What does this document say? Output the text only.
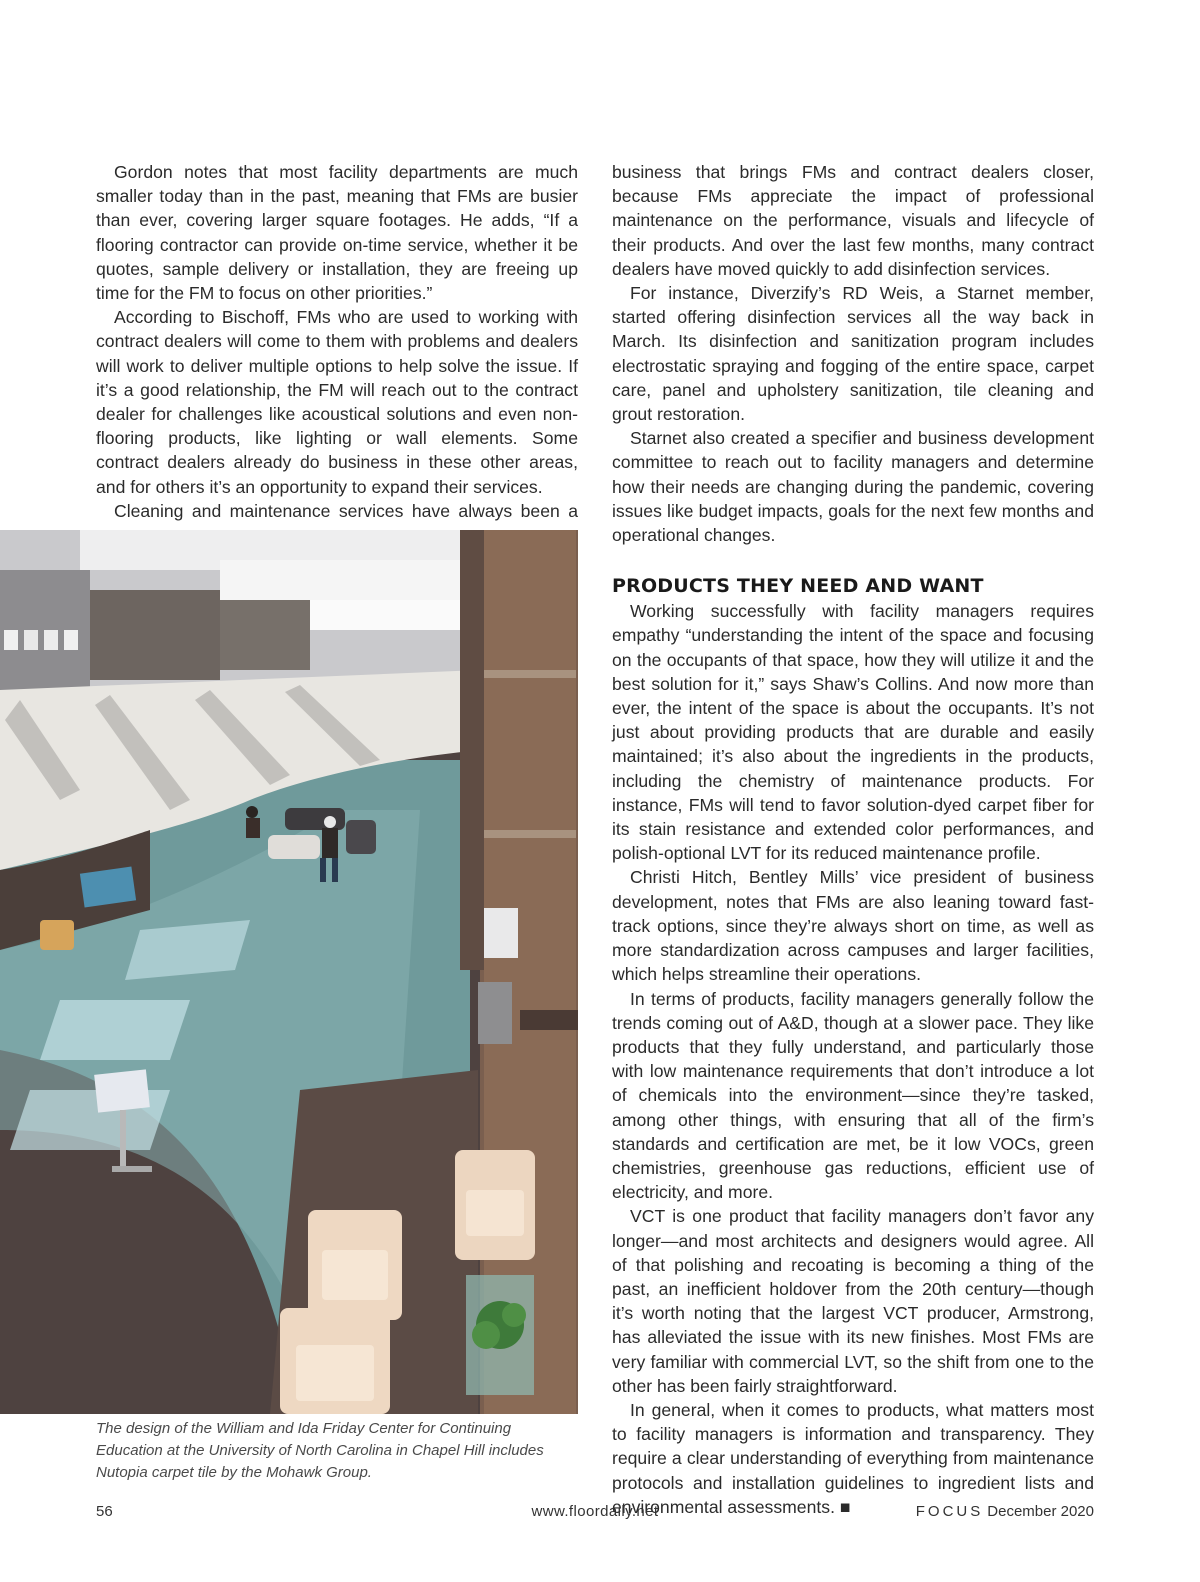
Gordon notes that most facility departments are much smaller today than in the past, meaning that FMs are busier than ever, covering larger square footages. He adds, “If a flooring contractor can provide on-time service, whether it be quotes, sample delivery or installation, they are freeing up time for the FM to focus on other priorities.”

According to Bischoff, FMs who are used to working with contract dealers will come to them with problems and dealers will work to deliver multiple options to help solve the issue. If it’s a good relationship, the FM will reach out to the contract dealer for challenges like acoustical solutions and even non-flooring products, like lighting or wall elements. Some contract dealers already do business in these other areas, and for others it’s an opportunity to expand their services.

Cleaning and maintenance services have always been a

business that brings FMs and contract dealers closer, because FMs appreciate the impact of professional maintenance on the performance, visuals and lifecycle of their products. And over the last few months, many contract dealers have moved quickly to add disinfection services.

For instance, Diverzify’s RD Weis, a Starnet member, started offering disinfection services all the way back in March. Its disinfection and sanitization program includes electrostatic spraying and fogging of the entire space, carpet care, panel and upholstery sanitization, tile cleaning and grout restoration.

Starnet also created a specifier and business development committee to reach out to facility managers and determine how their needs are changing during the pandemic, covering issues like budget impacts, goals for the next few months and operational changes.

PRODUCTS THEY NEED AND WANT

Working successfully with facility managers requires empathy “understanding the intent of the space and focusing on the occupants of that space, how they will utilize it and the best solution for it,” says Shaw’s Collins. And now more than ever, the intent of the space is about the occupants. It’s not just about providing products that are durable and easily maintained; it’s also about the ingredients in the products, including the chemistry of maintenance products. For instance, FMs will tend to favor solution-dyed carpet fiber for its stain resistance and extended color performances, and polish-optional LVT for its reduced maintenance profile.

Christi Hitch, Bentley Mills’ vice president of business development, notes that FMs are also leaning toward fast-track options, since they’re always short on time, as well as more standardization across campuses and larger facilities, which helps streamline their operations.

In terms of products, facility managers generally follow the trends coming out of A&D, though at a slower pace. They like products that they fully understand, and particularly those with low maintenance requirements that don’t introduce a lot of chemicals into the environment—since they’re tasked, among other things, with ensuring that all of the firm’s standards and certification are met, be it low VOCs, green chemistries, greenhouse gas reductions, efficient use of electricity, and more.

VCT is one product that facility managers don’t favor any longer—and most architects and designers would agree. All of that polishing and recoating is becoming a thing of the past, an inefficient holdover from the 20th century—though it’s worth noting that the largest VCT producer, Armstrong, has alleviated the issue with its new finishes. Most FMs are very familiar with commercial LVT, so the shift from one to the other has been fairly straightforward.

In general, when it comes to products, what matters most to facility managers is information and transparency. They require a clear understanding of everything from maintenance protocols and installation guidelines to ingredient lists and environmental assessments. ■

The design of the William and Ida Friday Center for Continuing Education at the University of North Carolina in Chapel Hill includes Nutopia carpet tile by the Mohawk Group.
56	www.floordaily.net	FOCUS December 2020
